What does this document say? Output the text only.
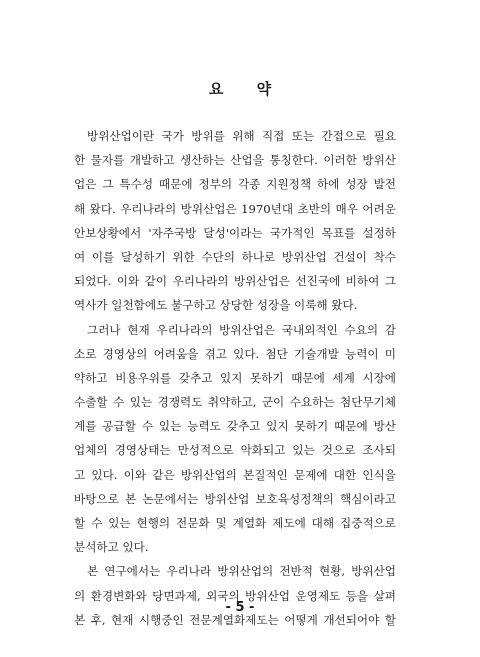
요 약
방위산업이란 국가 방위를 위해 직접 또는 간접으로 필요
한 물자를 개발하고 생산하는 산업을 통칭한다. 이러한 방위산
업은 그 특수성 때문에 정부의 각종 지원정책 하에 성장 발전
해 왔다. 우리나라의 방위산업은 1970년대 초반의 매우 어려운
안보상황에서 '자주국방 달성'이라는 국가적인 목표를 설정하
여 이를 달성하기 위한 수단의 하나로 방위산업 건설이 착수
되었다. 이와 같이 우리나라의 방위산업은 선진국에 비하여 그
역사가 일천함에도 불구하고 상당한 성장을 이룩해 왔다.
그러나 현재 우리나라의 방위산업은 국내외적인 수요의 감
소로 경영상의 어려움을 겪고 있다. 첨단 기술개발 능력이 미
약하고 비용우위를 갖추고 있지 못하기 때문에 세계 시장에
수출할 수 있는 경쟁력도 취약하고, 군이 수요하는 첨단무기체
계를 공급할 수 있는 능력도 갖추고 있지 못하기 때문에 방산
업체의 경영상태는 만성적으로 악화되고 있는 것으로 조사되
고 있다. 이와 같은 방위산업의 본질적인 문제에 대한 인식을
바탕으로 본 논문에서는 방위산업 보호육성정책의 핵심이라고
할 수 있는 현행의 전문화 및 계열화 제도에 대해 집중적으로
분석하고 있다.
본 연구에서는 우리나라 방위산업의 전반적 현황, 방위산업
의 환경변화와 당면과제, 외국의 방위산업 운영제도 등을 살펴
본 후, 현재 시행중인 전문계열화제도는 어떻게 개선되어야 할
- 5 -
